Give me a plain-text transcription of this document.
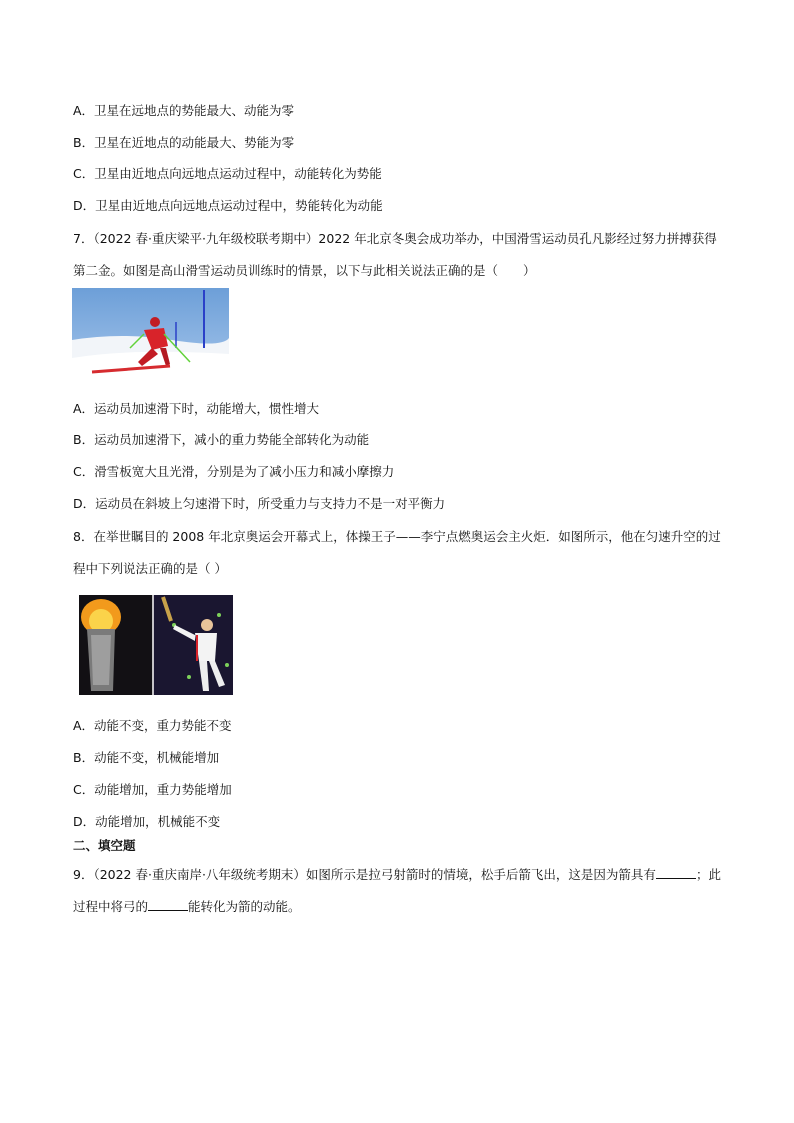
A．卫星在远地点的势能最大、动能为零
B．卫星在近地点的动能最大、势能为零
C．卫星由近地点向远地点运动过程中，动能转化为势能
D．卫星由近地点向远地点运动过程中，势能转化为动能
7．（2022 春·重庆梁平·九年级校联考期中）2022 年北京冬奥会成功举办，中国滑雪运动员孔凡影经过努力拼搏获得第二金。如图是高山滑雪运动员训练时的情景，以下与此相关说法正确的是（　　）
A．运动员加速滑下时，动能增大，惯性增大
B．运动员加速滑下，减小的重力势能全部转化为动能
C．滑雪板宽大且光滑，分别是为了减小压力和减小摩擦力
D．运动员在斜坡上匀速滑下时，所受重力与支持力不是一对平衡力
8．在举世瞩目的 2008 年北京奥运会开幕式上，体操王子——李宁点燃奥运会主火炬．如图所示，他在匀速升空的过程中下列说法正确的是（ ）
A．动能不变，重力势能不变
B．动能不变，机械能增加
C．动能增加，重力势能增加
D．动能增加，机械能不变
二、填空题
9．（2022 春·重庆南岸·八年级统考期末）如图所示是拉弓射箭时的情境，松手后箭飞出，这是因为箭具有	；此过程中将弓的	能转化为箭的动能。
